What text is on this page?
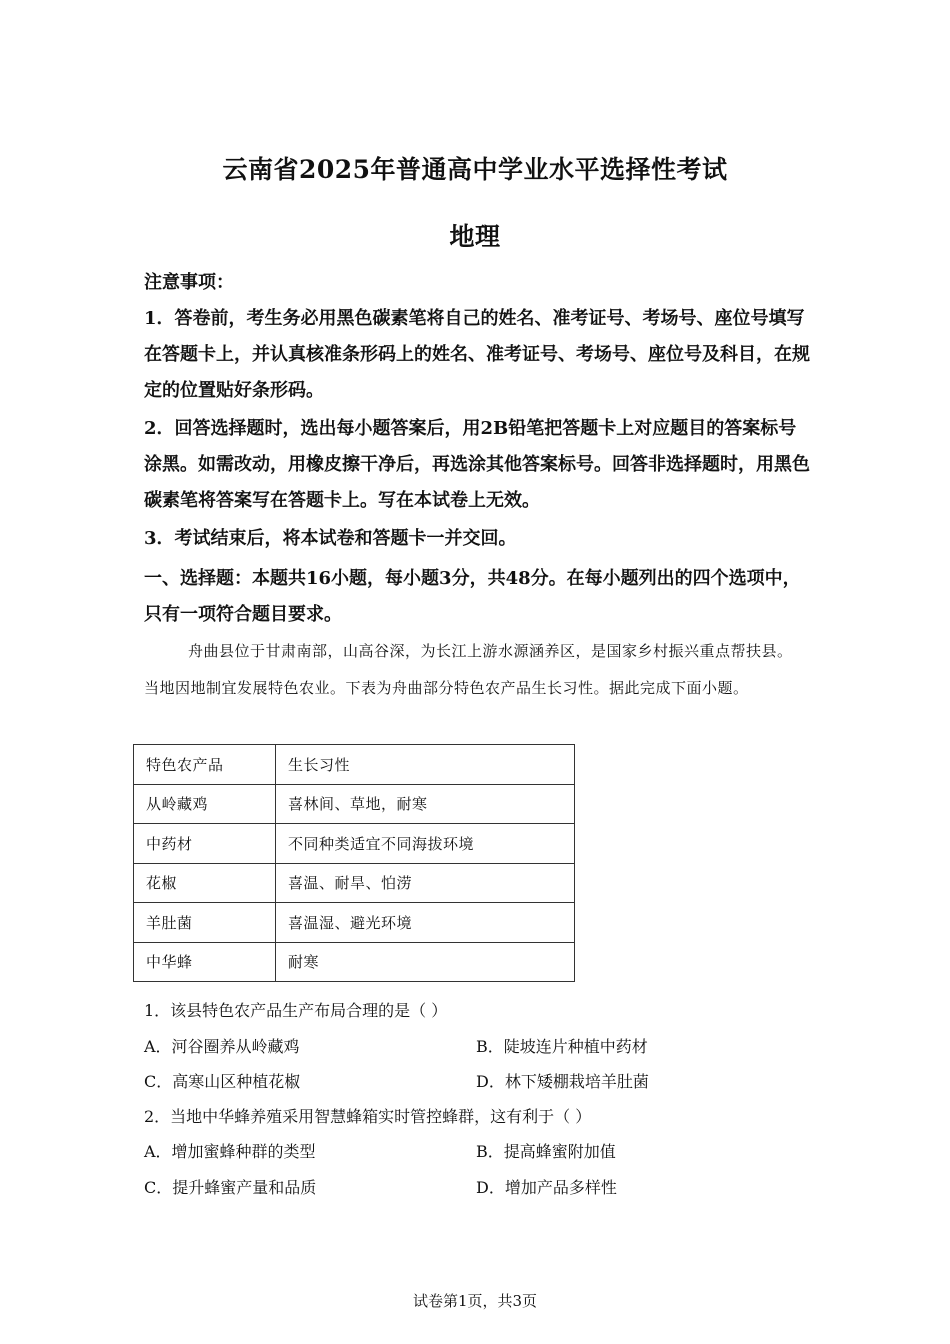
云南省2025年普通高中学业水平选择性考试
地理
注意事项：
1．答卷前，考生务必用黑色碳素笔将自己的姓名、准考证号、考场号、座位号填写在答题卡上，并认真核准条形码上的姓名、准考证号、考场号、座位号及科目，在规定的位置贴好条形码。
2．回答选择题时，选出每小题答案后，用2B铅笔把答题卡上对应题目的答案标号涂黑。如需改动，用橡皮擦干净后，再选涂其他答案标号。回答非选择题时，用黑色碳素笔将答案写在答题卡上。写在本试卷上无效。
3．考试结束后，将本试卷和答题卡一并交回。
一、选择题：本题共16小题，每小题3分，共48分。在每小题列出的四个选项中，只有一项符合题目要求。
舟曲县位于甘肃南部，山高谷深，为长江上游水源涵养区，是国家乡村振兴重点帮扶县。当地因地制宜发展特色农业。下表为舟曲部分特色农产品生长习性。据此完成下面小题。
特色农产品	生长习性
从岭藏鸡	喜林间、草地，耐寒
中药材	不同种类适宜不同海拔环境
花椒	喜温、耐旱、怕涝
羊肚菌	喜温湿、避光环境
中华蜂	耐寒
1．该县特色农产品生产布局合理的是（ ）
A．河谷圈养从岭藏鸡	B．陡坡连片种植中药材
C．高寒山区种植花椒	D．林下矮棚栽培羊肚菌
2．当地中华蜂养殖采用智慧蜂箱实时管控蜂群，这有利于（ ）
A．增加蜜蜂种群的类型	B．提高蜂蜜附加值
C．提升蜂蜜产量和品质	D．增加产品多样性
试卷第1页，共3页
